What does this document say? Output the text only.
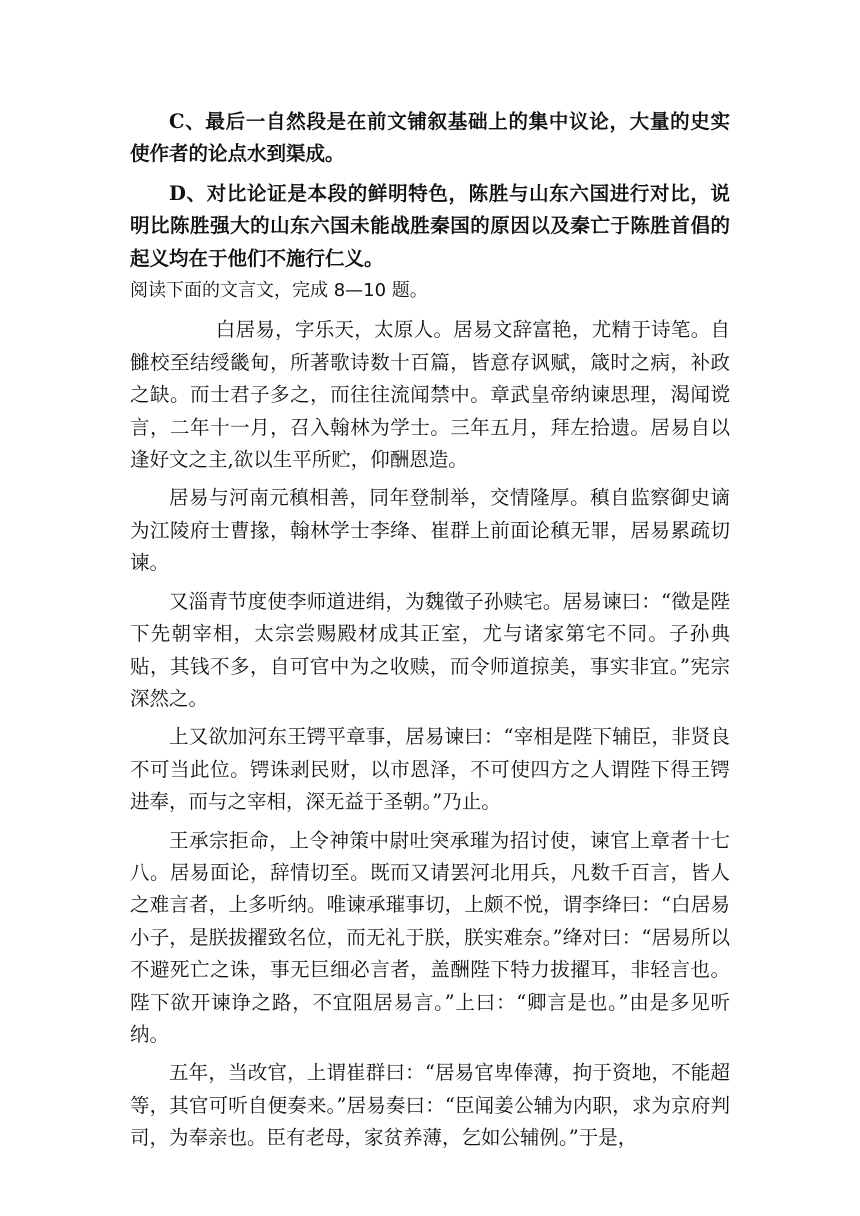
C、最后一自然段是在前文铺叙基础上的集中议论，大量的史实使作者的论点水到渠成。

D、对比论证是本段的鲜明特色，陈胜与山东六国进行对比，说明比陈胜强大的山东六国未能战胜秦国的原因以及秦亡于陈胜首倡的起义均在于他们不施行仁义。

阅读下面的文言文，完成 8—10 题。

白居易，字乐天，太原人。居易文辞富艳，尤精于诗笔。自雠校至结绶畿甸，所著歌诗数十百篇，皆意存讽赋，箴时之病，补政之缺。而士君子多之，而往往流闻禁中。章武皇帝纳谏思理，渴闻谠言，二年十一月，召入翰林为学士。三年五月，拜左拾遗。居易自以逢好文之主,欲以生平所贮，仰酬恩造。

居易与河南元稹相善，同年登制举，交情隆厚。稹自监察御史谪为江陵府士曹掾，翰林学士李绛、崔群上前面论稹无罪，居易累疏切谏。

又淄青节度使李师道进绢，为魏徵子孙赎宅。居易谏曰：“徵是陛下先朝宰相，太宗尝赐殿材成其正室，尤与诸家第宅不同。子孙典贴，其钱不多，自可官中为之收赎，而令师道掠美，事实非宜。”宪宗深然之。

上又欲加河东王锷平章事，居易谏曰：“宰相是陛下辅臣，非贤良不可当此位。锷诛剥民财，以市恩泽，不可使四方之人谓陛下得王锷进奉，而与之宰相，深无益于圣朝。”乃止。

王承宗拒命，上令神策中尉吐突承璀为招讨使，谏官上章者十七八。居易面论，辞情切至。既而又请罢河北用兵，凡数千百言，皆人之难言者，上多听纳。唯谏承璀事切，上颇不悦，谓李绛曰：“白居易小子，是朕拔擢致名位，而无礼于朕，朕实难奈。”绛对曰：“居易所以不避死亡之诛，事无巨细必言者，盖酬陛下特力拔擢耳，非轻言也。陛下欲开谏诤之路，不宜阻居易言。”上曰：“卿言是也。”由是多见听纳。

五年，当改官，上谓崔群曰：“居易官卑俸薄，拘于资地，不能超等，其官可听自便奏来。”居易奏曰：“臣闻姜公辅为内职，求为京府判司，为奉亲也。臣有老母，家贫养薄，乞如公辅例。”于是，
